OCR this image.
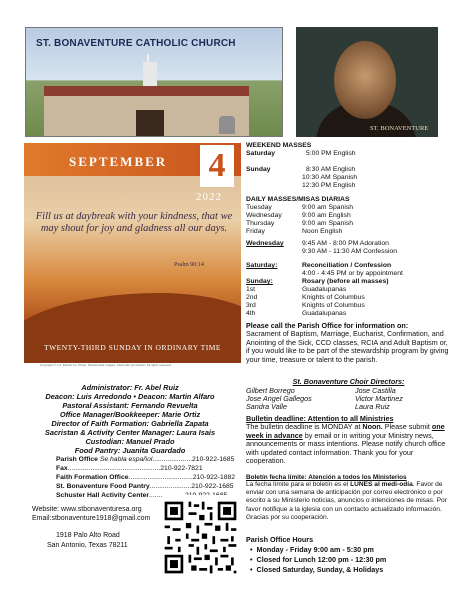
ST. BONAVENTURE CATHOLIC CHURCH
ST. BONAVENTURE
SEPTEMBER 4
2022
Fill us at daybreak with your kindness, that we may shout for joy and gladness all our days.
Psalm 90:14
TWENTY-THIRD SUNDAY IN ORDINARY TIME
Copyright © J.S. Paluch Co. Photo: Shutterstock Images. Used with permission. All rights reserved.
Administrator: Fr. Abel Ruiz
Deacon: Luis Arredondo • Deacon: Martin Alfaro
Pastoral Assistant: Fernando Revuelta
Office Manager/Bookkeeper: Marie Ortiz
Director of Faith Formation: Gabriella Zapata
Sacristan & Activity Center Manager: Laura Isais
Custodian: Manuel Prado
Food Pantry: Juanita Guardado
Parish Office Se habla español.....................210-922-1685
Fax.................................................210-922-7821
Faith Formation Office..................................210-922-1882
St. Bonaventure Food Pantry......................210-922-1685
Schuster Hall Activity Center...................210-922-1685
Website: www.stbonaventuresa.org
Email:stbonaventure1918@gmail.com
1918 Palo Alto Road
San Antonio, Texas 78211
WEEKEND MASSES
Saturday	5:00 PM English
Sunday	8:30 AM English
10:30 AM Spanish
12:30 PM English
DAILY MASSES/MISAS DIARIAS
Tuesday	9:00 am Spanish
Wednesday	9:00 am English
Thursday	9:00 am Spanish
Friday	Noon English
Wednesday	9:45 AM - 8:00 PM Adoration
9:30 AM - 11:30 AM Confession
Saturday:	Reconciliation / Confession
4:00 - 4:45 PM or by appointment
Sunday:	Rosary (before all masses)
1st	Guadalupanas
2nd	Knights of Columbus
3rd	Knights of Columbus
4th	Guadalupanas
Please call the Parish Office for information on:
Sacrament of Baptism, Marriage, Eucharist, Confirmation, and Anointing of the Sick, CCD classes, RCIA and Adult Baptism or, if you would like to be part of the stewardship program by giving your time, treasure or talent to the parish.
St. Bonaventure Choir Directors:
Gilbert Borrego	Jose Castilla
Jose Angel Gallegos	Victor Martinez
Sandra Valle	Laura Ruiz
Bulletin deadline: Attention to all Ministries
The bulletin deadline is MONDAY at Noon. Please submit one week in advance by email or in writing your Ministry news, announcements or mass intentions. Please notify church office with updated contact information. Thank you for your cooperation.
Boletín fecha límite: Atención a todos los Ministerios
La fecha límite para el boletín es el LUNES al medi-odía. Favor de enviar con una semana de anticipación por correo electrónico o por escrito a su Ministerio noticias, anuncios o intenciones de misas. Por favor notifique a la iglesia con un contacto actualizado información. Gracias por su cooperación.
Parish Office Hours
•  Monday - Friday 9:00 am - 5:30 pm
•  Closed for Lunch 12:00 pm - 12:30 pm
•  Closed Saturday, Sunday, & Holidays
